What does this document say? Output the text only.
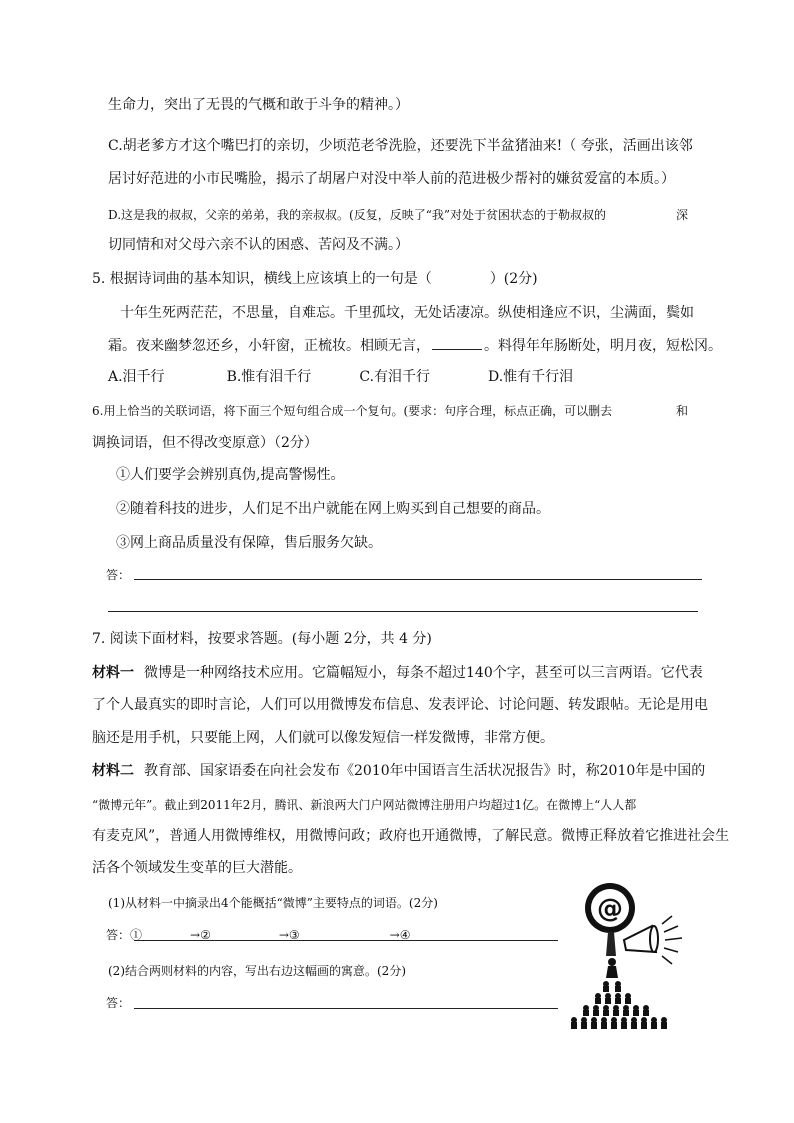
生命力，突出了无畏的气概和敢于斗争的精神。）
C.胡老爹方才这个嘴巴打的亲切，少顷范老爷洗脸，还要洗下半盆猪油来!（ 夸张，活画出该邻
居讨好范进的小市民嘴脸，揭示了胡屠户对没中举人前的范进极少帮衬的嫌贫爱富的本质。）
D.这是我的叔叔，父亲的弟弟，我的亲叔叔。(反复，反映了“我”对处于贫困状态的于勒叔叔的	深
切同情和对父母六亲不认的困惑、苦闷及不满。）
5. 根据诗词曲的基本知识，横线上应该填上的一句是（	）(2分)
十年生死两茫茫，不思量，自难忘。千里孤坟，无处话凄凉。纵使相逢应不识，尘满面，鬓如
霜。夜来幽梦忽还乡，小轩窗，正梳妆。相顾无言，	。料得年年肠断处，明月夜，短松冈。
A.泪千行	B.惟有泪千行	C.有泪千行	D.惟有千行泪
6.用上恰当的关联词语，将下面三个短句组合成一个复句。(要求：句序合理，标点正确，可以删去	和
调换词语，但不得改变原意）（2分）
①人们要学会辨别真伪,提高警惕性。
②随着科技的进步，人们足不出户就能在网上购买到自己想要的商品。
③网上商品质量没有保障，售后服务欠缺。
答：
7. 阅读下面材料，按要求答题。(每小题 2分，共 4 分)
材料一 微博是一种网络技术应用。它篇幅短小，每条不超过140个字，甚至可以三言两语。它代表
了个人最真实的即时言论，人们可以用微博发布信息、发表评论、讨论问题、转发跟帖。无论是用电
脑还是用手机，只要能上网，人们就可以像发短信一样发微博，非常方便。
材料二 教育部、国家语委在向社会发布《2010年中国语言生活状况报告》时，称2010年是中国的
“微博元年”。截止到2011年2月，腾讯、新浪两大门户网站微博注册用户均超过1亿。在微博上“人人都
有麦克风”，普通人用微博维权，用微博问政；政府也开通微博，了解民意。微博正释放着它推进社会生
活各个领域发生变革的巨大潜能。
(1)从材料一中摘录出4个能概括“微博”主要特点的词语。(2分)
答：①	→②	→③	→④
(2)结合两则材料的内容，写出右边这幅画的寓意。(2分)
答：
@
